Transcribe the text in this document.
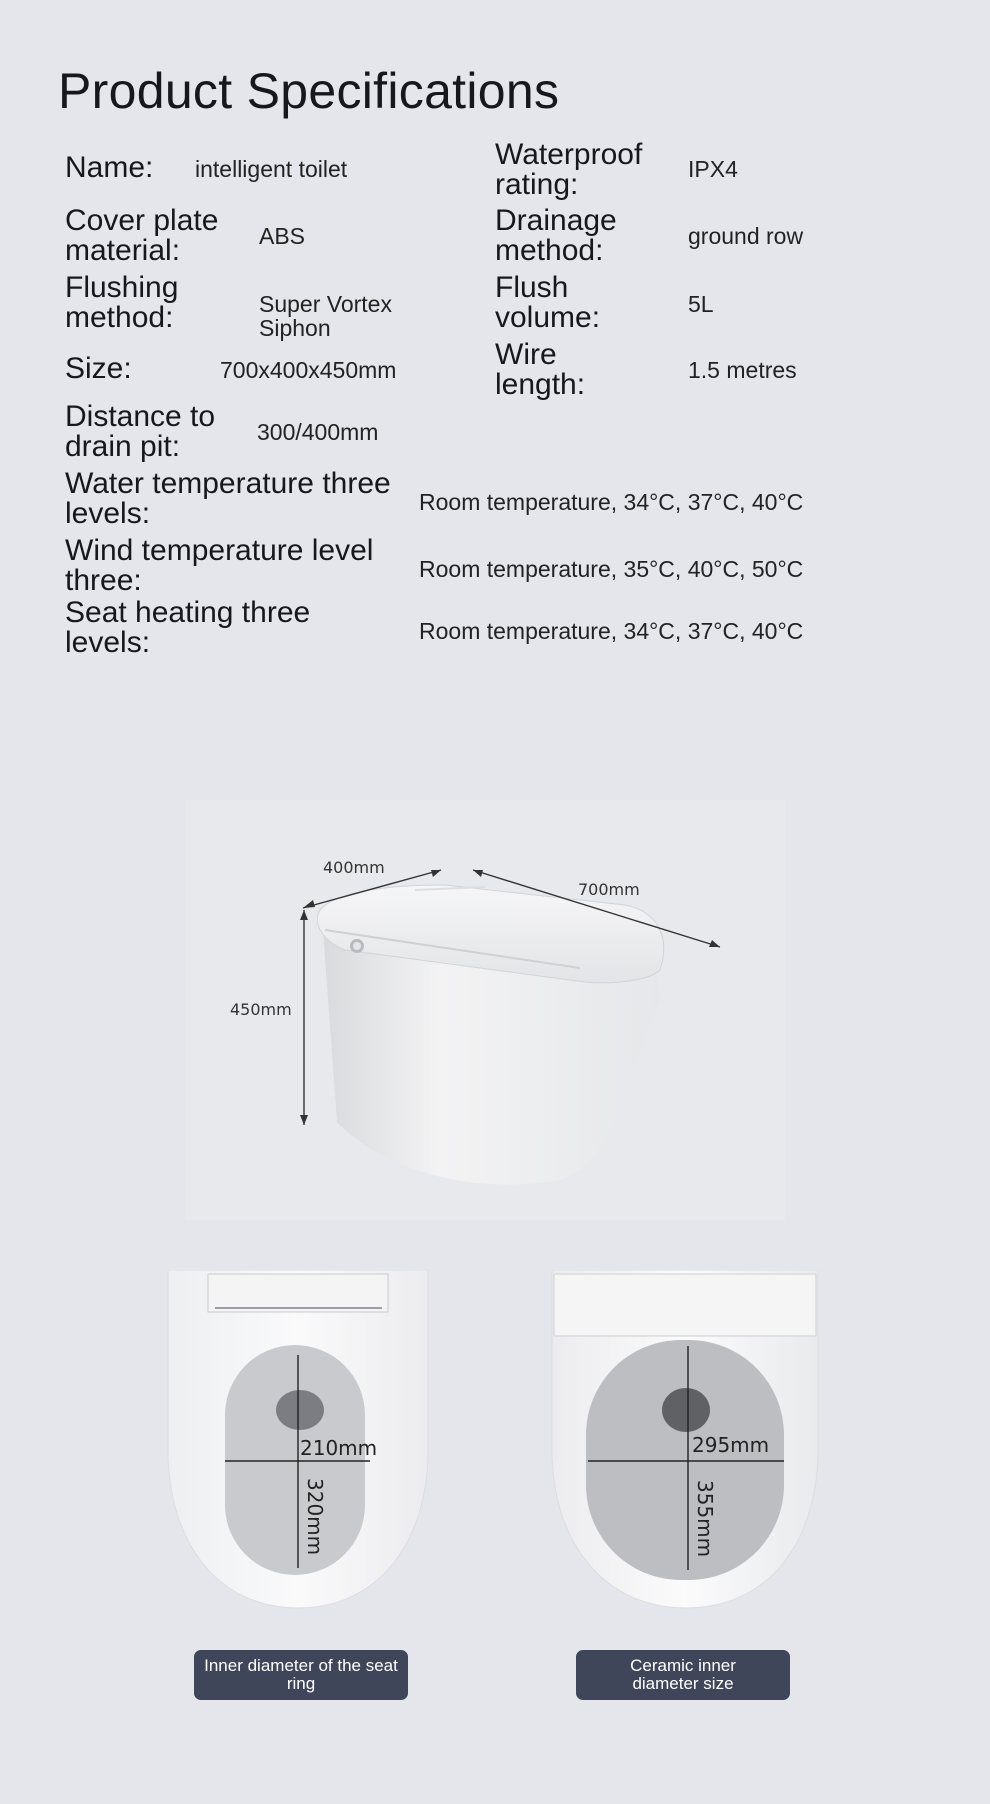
Product Specifications
Name: intelligent toilet
Cover plate material:	ABS
Flushing method:	Super Vortex Siphon
Size:	700x400x450mm
Distance to drain pit:	300/400mm
Waterproof rating:	IPX4
Drainage method:	ground row
Flush volume:	5L
Wire length:	1.5 metres
Water temperature three levels:	Room temperature, 34°C, 37°C, 40°C
Wind temperature level three:	Room temperature, 35°C, 40°C, 50°C
Seat heating three levels:	Room temperature, 34°C, 37°C, 40°C
400mm
700mm
450mm
210mm
320mm
295mm
355mm
Inner diameter of the seat ring
Ceramic inner diameter size
